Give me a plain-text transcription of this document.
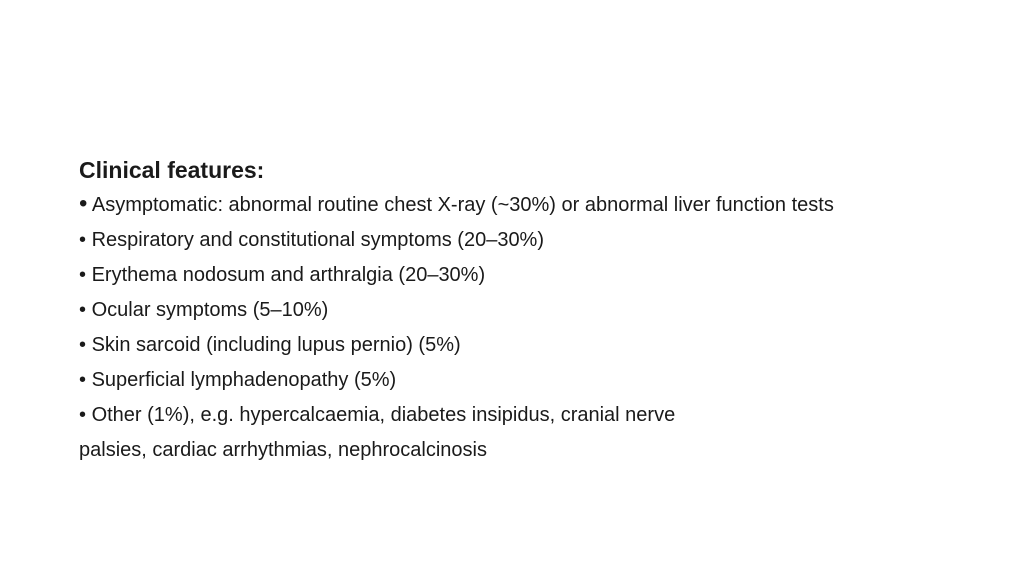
Clinical features:
• Asymptomatic: abnormal routine chest X-ray (~30%) or abnormal liver function tests
• Respiratory and constitutional symptoms (20–30%)
• Erythema nodosum and arthralgia (20–30%)
• Ocular symptoms (5–10%)
• Skin sarcoid (including lupus pernio) (5%)
• Superficial lymphadenopathy (5%)
• Other (1%), e.g. hypercalcaemia, diabetes insipidus, cranial nerve
palsies, cardiac arrhythmias, nephrocalcinosis
